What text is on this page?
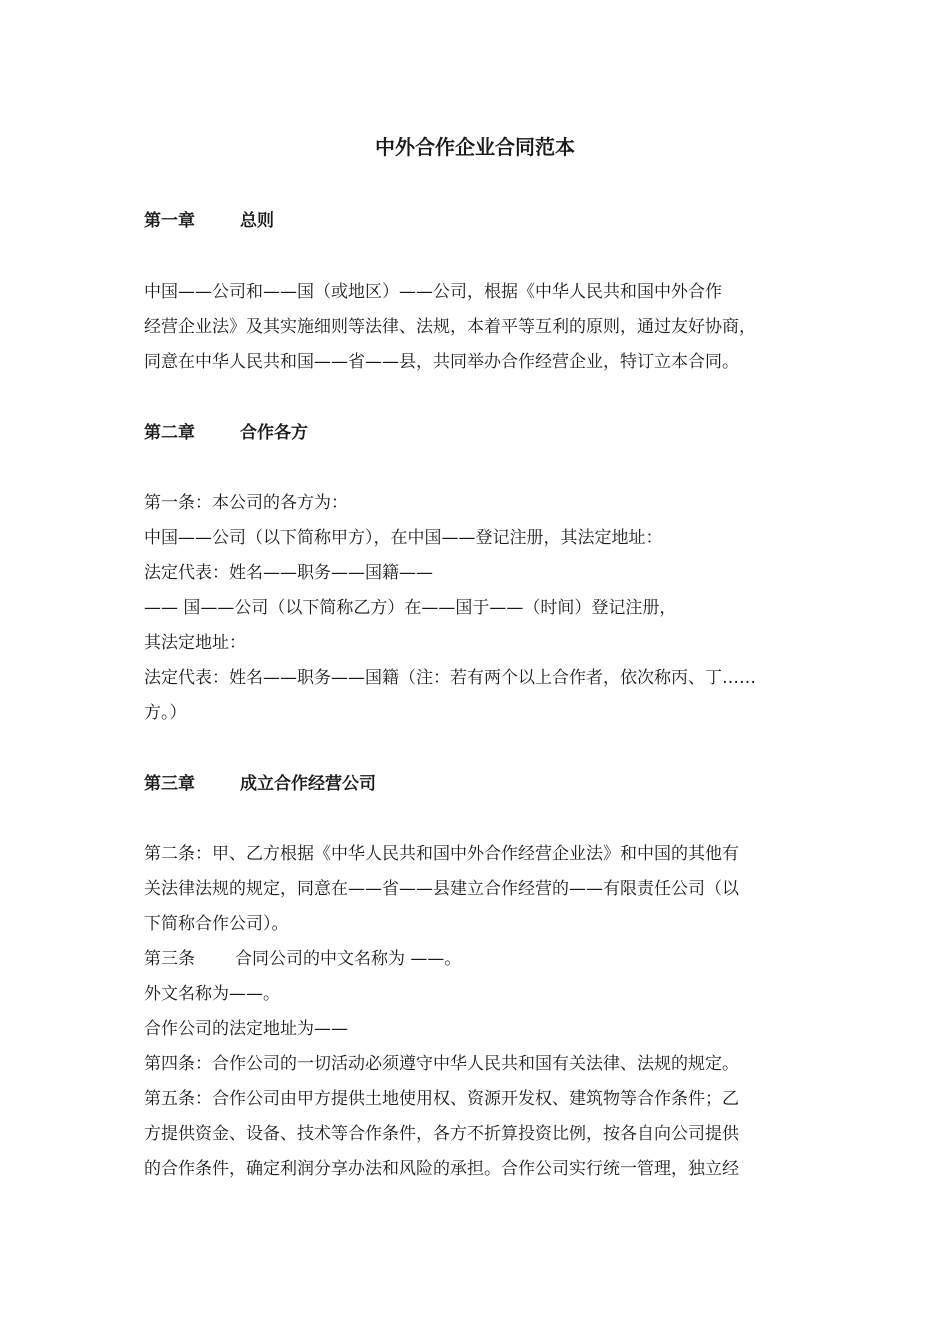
中外合作企业合同范本
第一章	总则
中国——公司和——国（或地区）——公司，根据《中华人民共和国中外合作
经营企业法》及其实施细则等法律、法规，本着平等互利的原则，通过友好协商，
同意在中华人民共和国——省——县，共同举办合作经营企业，特订立本合同。
第二章	合作各方
第一条：本公司的各方为：
中国——公司（以下简称甲方），在中国——登记注册，其法定地址：
法定代表：姓名——职务——国籍——
—— 国——公司（以下简称乙方）在——国于——（时间）登记注册，
其法定地址：
法定代表：姓名——职务——国籍（注：若有两个以上合作者，依次称丙、丁……
方。）
第三章	成立合作经营公司
第二条：甲、乙方根据《中华人民共和国中外合作经营企业法》和中国的其他有
关法律法规的规定，同意在——省——县建立合作经营的——有限责任公司（以
下简称合作公司）。
第三条 合同公司的中文名称为 ——。
外文名称为——。
合作公司的法定地址为——
第四条：合作公司的一切活动必须遵守中华人民共和国有关法律、法规的规定。
第五条：合作公司由甲方提供土地使用权、资源开发权、建筑物等合作条件；乙
方提供资金、设备、技术等合作条件，各方不折算投资比例，按各自向公司提供
的合作条件，确定利润分享办法和风险的承担。合作公司实行统一管理，独立经
